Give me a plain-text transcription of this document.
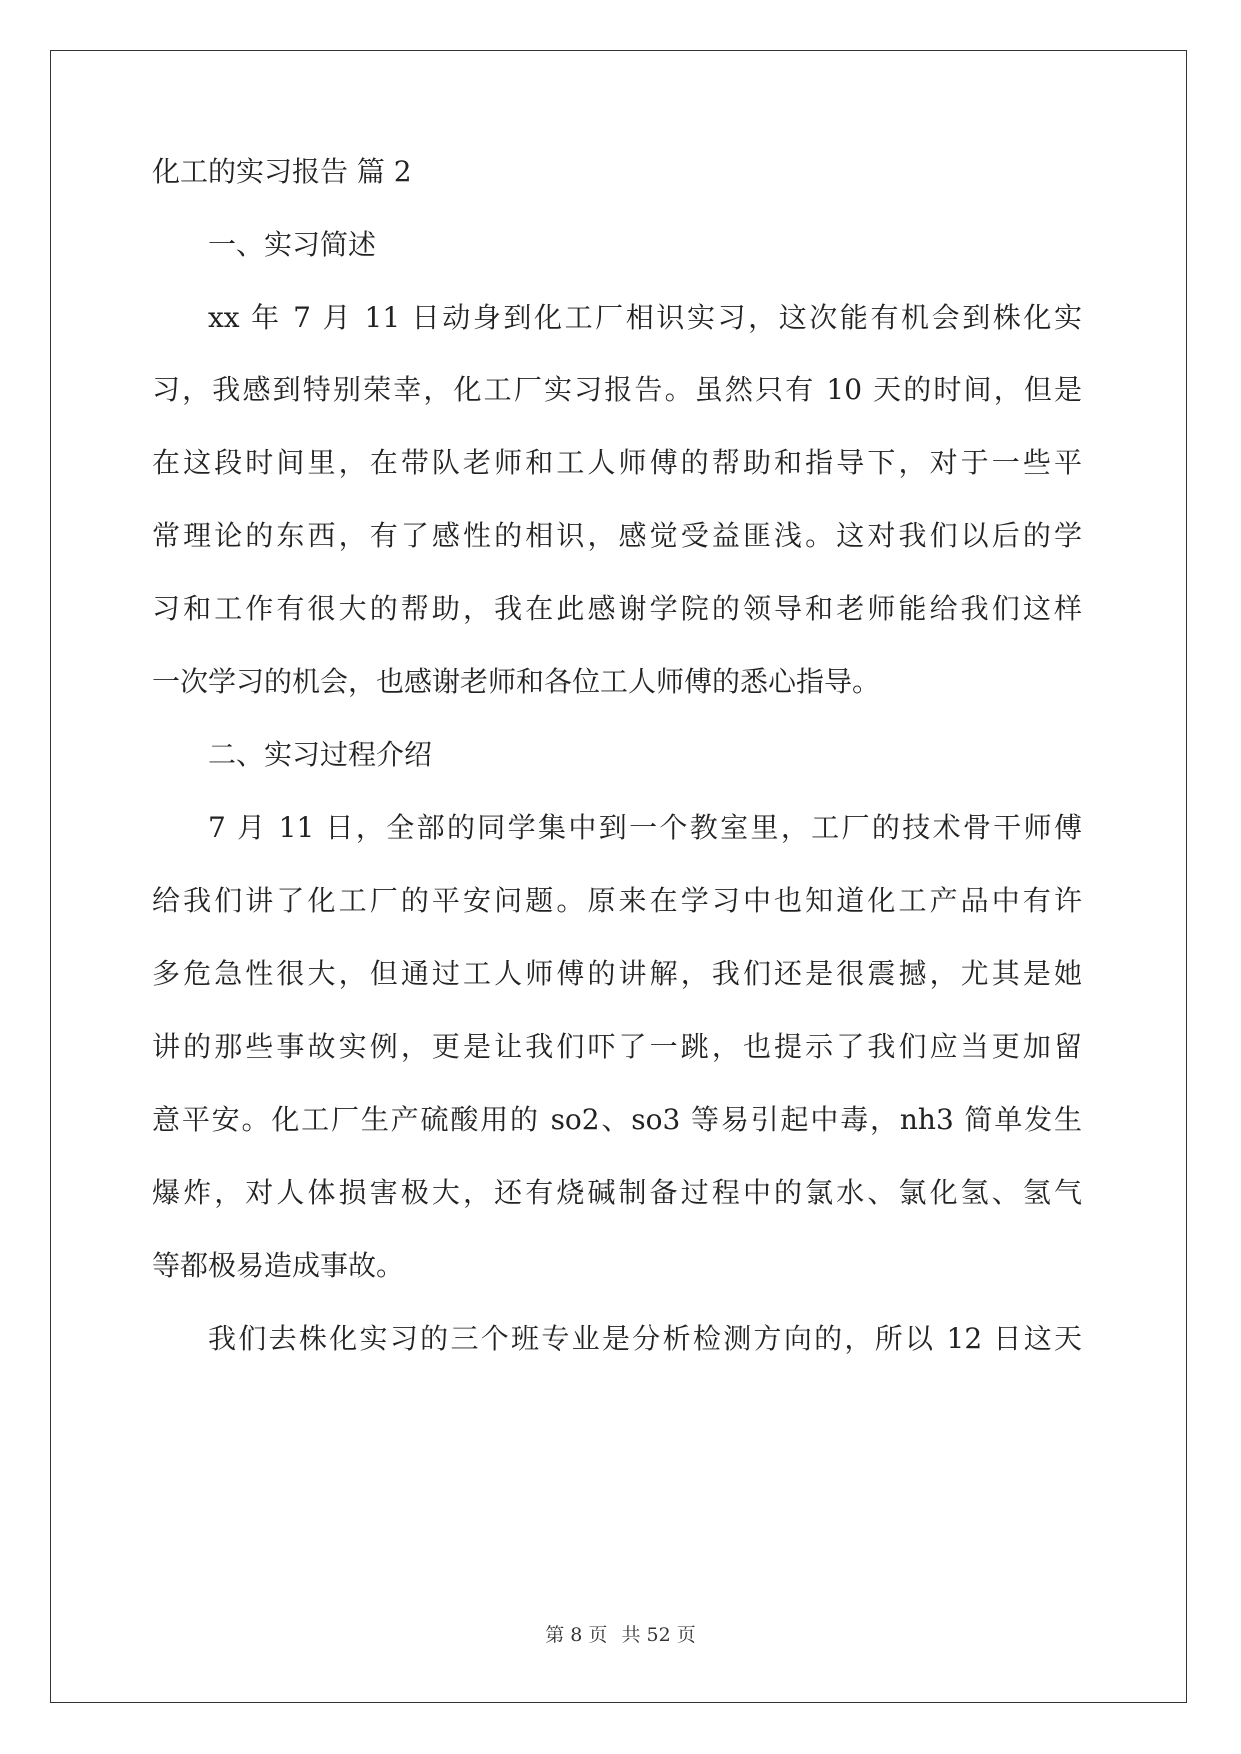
化工的实习报告 篇 2
一、实习简述
xx 年 7 月 11 日动身到化工厂相识实习，这次能有机会到株化实
习，我感到特别荣幸，化工厂实习报告。虽然只有 10 天的时间，但是
在这段时间里，在带队老师和工人师傅的帮助和指导下，对于一些平
常理论的东西，有了感性的相识，感觉受益匪浅。这对我们以后的学
习和工作有很大的帮助，我在此感谢学院的领导和老师能给我们这样
一次学习的机会，也感谢老师和各位工人师傅的悉心指导。
二、实习过程介绍
7 月 11 日，全部的同学集中到一个教室里，工厂的技术骨干师傅
给我们讲了化工厂的平安问题。原来在学习中也知道化工产品中有许
多危急性很大，但通过工人师傅的讲解，我们还是很震撼，尤其是她
讲的那些事故实例，更是让我们吓了一跳，也提示了我们应当更加留
意平安。化工厂生产硫酸用的 so2、so3 等易引起中毒，nh3 简单发生
爆炸，对人体损害极大，还有烧碱制备过程中的氯水、氯化氢、氢气
等都极易造成事故。
我们去株化实习的三个班专业是分析检测方向的，所以 12 日这天
第 8 页 共 52 页
